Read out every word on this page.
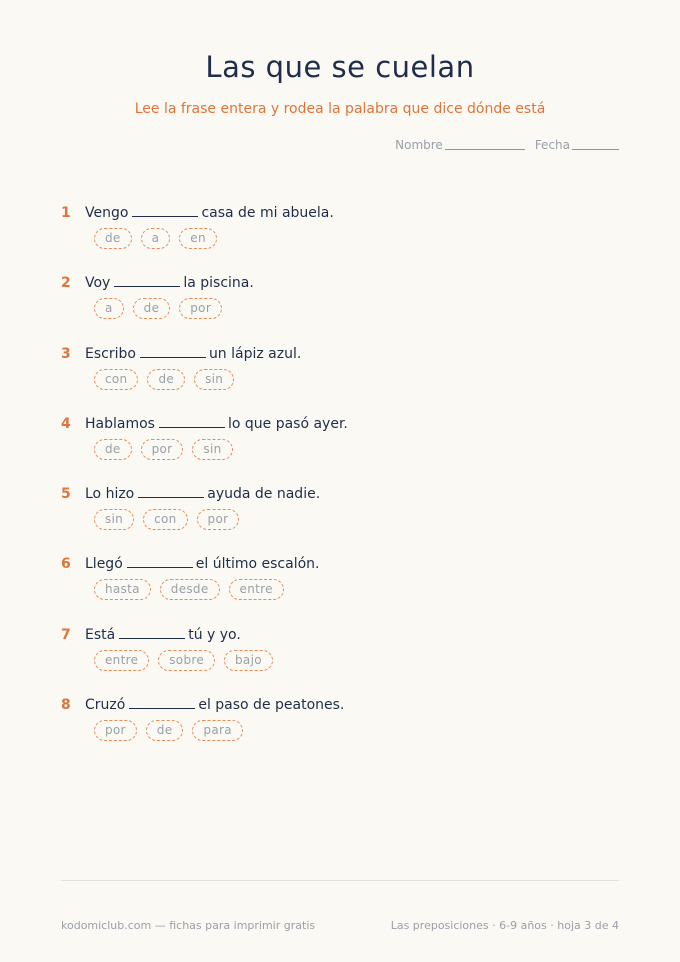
Las que se cuelan
Lee la frase entera y rodea la palabra que dice dónde está
Nombre	Fecha
1	Vengo	casa de mi abuela.
de	a	en
2	Voy	la piscina.
a	de	por
3	Escribo	un lápiz azul.
con	de	sin
4	Hablamos	lo que pasó ayer.
de	por	sin
5	Lo hizo	ayuda de nadie.
sin	con	por
6	Llegó	el último escalón.
hasta	desde	entre
7	Está	tú y yo.
entre	sobre	bajo
8	Cruzó	el paso de peatones.
por	de	para
kodomiclub.com — fichas para imprimir gratis	Las preposiciones · 6-9 años · hoja 3 de 4
